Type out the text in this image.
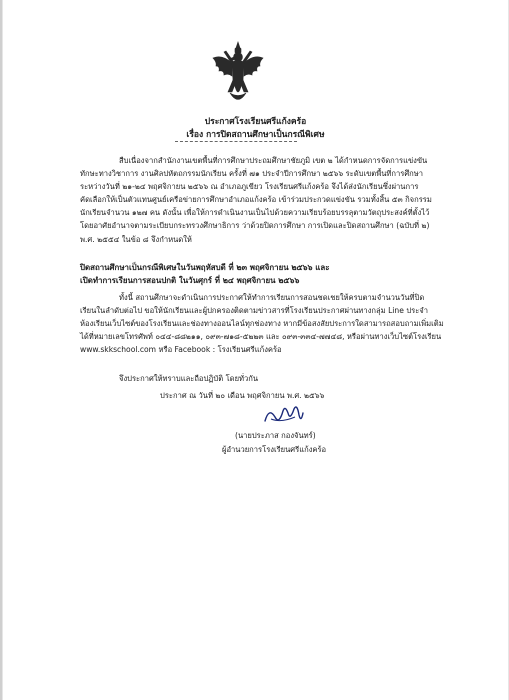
ประกาศโรงเรียนศรีแก้งคร้อ
เรื่อง การปิดสถานศึกษาเป็นกรณีพิเศษ
สืบเนื่องจากสำนักงานเขตพื้นที่การศึกษาประถมศึกษาชัยภูมิ เขต ๒ ได้กำหนดการจัดการแข่งขัน
ทักษะทางวิชาการ งานศิลปหัตถกรรมนักเรียน ครั้งที่ ๗๑ ประจำปีการศึกษา ๒๕๖๖ ระดับเขตพื้นที่การศึกษา
ระหว่างวันที่ ๒๑-๒๔ พฤศจิกายน ๒๕๖๖ ณ อำเภอภูเขียว โรงเรียนศรีแก้งคร้อ จึงได้ส่งนักเรียนซึ่งผ่านการ
คัดเลือกให้เป็นตัวแทนศูนย์เครือข่ายการศึกษาอำเภอแก้งคร้อ เข้าร่วมประกวดแข่งขัน รวมทั้งสิ้น ๕๓ กิจกรรม
นักเรียนจำนวน ๑๒๗ คน ดังนั้น เพื่อให้การดำเนินงานเป็นไปด้วยความเรียบร้อยบรรลุตามวัตถุประสงค์ที่ตั้งไว้
โดยอาศัยอำนาจตามระเบียบกระทรวงศึกษาธิการ ว่าด้วยปิดการศึกษา การเปิดและปิดสถานศึกษา (ฉบับที่ ๒)
พ.ศ. ๒๕๕๔ ในข้อ ๘ จึงกำหนดให้
ปิดสถานศึกษาเป็นกรณีพิเศษในวันพฤหัสบดี ที่ ๒๓ พฤศจิกายน ๒๕๖๖ และ
เปิดทำการเรียนการสอนปกติ ในวันศุกร์ ที่ ๒๔ พฤศจิกายน ๒๕๖๖
ทั้งนี้ สถานศึกษาจะดำเนินการประกาศให้ทำการเรียนการสอนชดเชยให้ครบตามจำนวนวันที่ปิด
เรียนในลำดับต่อไป ขอให้นักเรียนและผู้ปกครองติดตามข่าวสารที่โรงเรียนประกาศผ่านทางกลุ่ม Line ประจำ
ห้องเรียนเว็บไซต์ของโรงเรียนและช่องทางออนไลน์ทุกช่องทาง หากมีข้อสงสัยประการใดสามารถสอบถามเพิ่มเติม
ได้ที่หมายเลขโทรศัพท์ ๐๔๔-๘๘๒๑๑, ๐๙๓-๗๑๘-๕๒๒๓ และ ๐๙๓-๓๓๔-๗๗๔๘, หรือผ่านทางเว็บไซต์โรงเรียน
www.skkschool.com หรือ Facebook : โรงเรียนศรีแก้งคร้อ
จึงประกาศให้ทราบและถือปฏิบัติ โดยทั่วกัน
ประกาศ ณ วันที่ ๒๐ เดือน พฤศจิกายน พ.ศ. ๒๕๖๖
(นายประภาส กองจันทร์)
ผู้อำนวยการโรงเรียนศรีแก้งคร้อ
